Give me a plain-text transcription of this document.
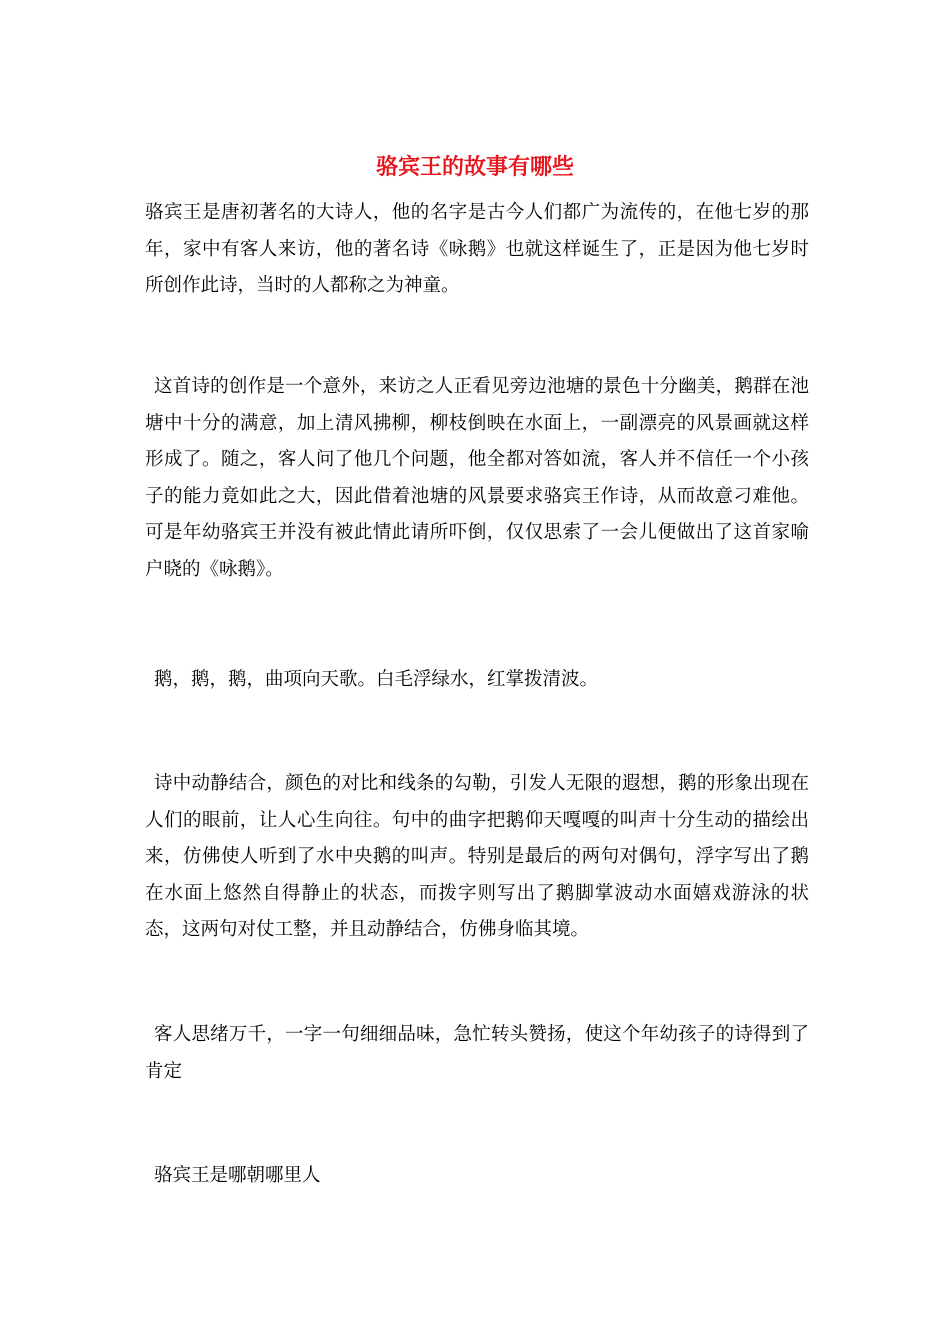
骆宾王的故事有哪些

骆宾王是唐初著名的大诗人，他的名字是古今人们都广为流传的，在他七岁的那年，家中有客人来访，他的著名诗《咏鹅》也就这样诞生了，正是因为他七岁时所创作此诗，当时的人都称之为神童。

这首诗的创作是一个意外，来访之人正看见旁边池塘的景色十分幽美，鹅群在池塘中十分的满意，加上清风拂柳，柳枝倒映在水面上，一副漂亮的风景画就这样形成了。随之，客人问了他几个问题，他全都对答如流，客人并不信任一个小孩子的能力竟如此之大，因此借着池塘的风景要求骆宾王作诗，从而故意刁难他。可是年幼骆宾王并没有被此情此请所吓倒，仅仅思索了一会儿便做出了这首家喻户晓的《咏鹅》。

鹅，鹅，鹅，曲项向天歌。白毛浮绿水，红掌拨清波。

诗中动静结合，颜色的对比和线条的勾勒，引发人无限的遐想，鹅的形象出现在人们的眼前，让人心生向往。句中的曲字把鹅仰天嘎嘎的叫声十分生动的描绘出来，仿佛使人听到了水中央鹅的叫声。特别是最后的两句对偶句，浮字写出了鹅在水面上悠然自得静止的状态，而拨字则写出了鹅脚掌波动水面嬉戏游泳的状态，这两句对仗工整，并且动静结合，仿佛身临其境。

客人思绪万千，一字一句细细品味，急忙转头赞扬，使这个年幼孩子的诗得到了肯定

骆宾王是哪朝哪里人
